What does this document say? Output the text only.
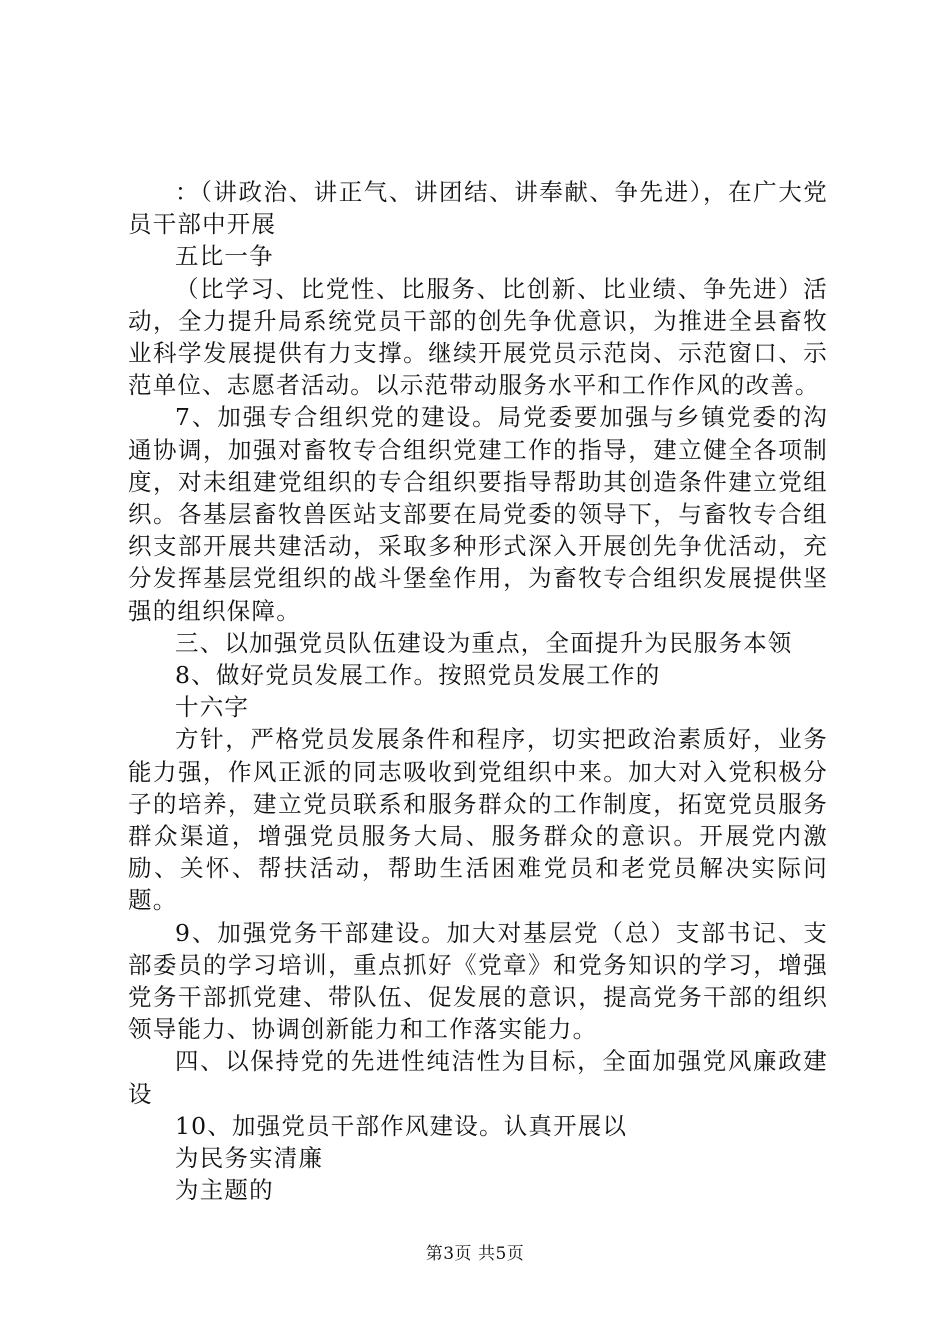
：（讲政治、讲正气、讲团结、讲奉献、争先进），在广大党员干部中开展

五比一争

（比学习、比党性、比服务、比创新、比业绩、争先进）活动，全力提升局系统党员干部的创先争优意识，为推进全县畜牧业科学发展提供有力支撑。继续开展党员示范岗、示范窗口、示范单位、志愿者活动。以示范带动服务水平和工作作风的改善。

7、加强专合组织党的建设。局党委要加强与乡镇党委的沟通协调，加强对畜牧专合组织党建工作的指导，建立健全各项制度，对未组建党组织的专合组织要指导帮助其创造条件建立党组织。各基层畜牧兽医站支部要在局党委的领导下，与畜牧专合组织支部开展共建活动，采取多种形式深入开展创先争优活动，充分发挥基层党组织的战斗堡垒作用，为畜牧专合组织发展提供坚强的组织保障。

三、以加强党员队伍建设为重点，全面提升为民服务本领

8、做好党员发展工作。按照党员发展工作的

十六字

方针，严格党员发展条件和程序，切实把政治素质好，业务能力强，作风正派的同志吸收到党组织中来。加大对入党积极分子的培养，建立党员联系和服务群众的工作制度，拓宽党员服务群众渠道，增强党员服务大局、服务群众的意识。开展党内激励、关怀、帮扶活动，帮助生活困难党员和老党员解决实际问题。

9、加强党务干部建设。加大对基层党（总）支部书记、支部委员的学习培训，重点抓好《党章》和党务知识的学习，增强党务干部抓党建、带队伍、促发展的意识，提高党务干部的组织领导能力、协调创新能力和工作落实能力。

四、以保持党的先进性纯洁性为目标，全面加强党风廉政建设

10、加强党员干部作风建设。认真开展以

为民务实清廉

为主题的

第3页 共5页
